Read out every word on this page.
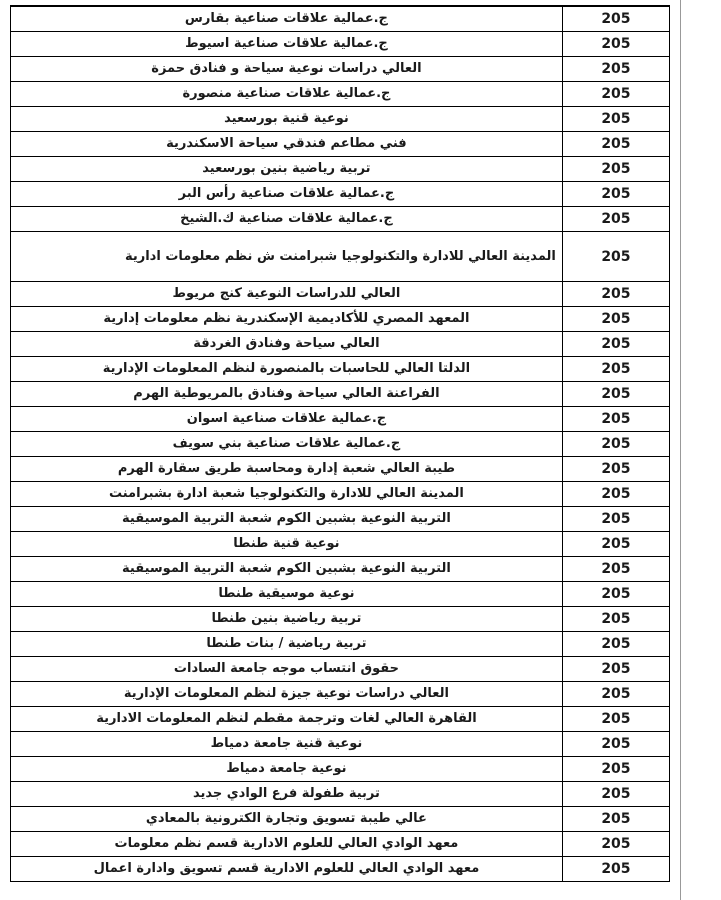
ج.عمالية علاقات صناعية بقارس	205
ج.عمالية علاقات صناعية اسيوط	205
العالي دراسات نوعية سياحة و فنادق حمزة	205
ج.عمالية علاقات صناعية منصورة	205
نوعية قنية بورسعيد	205
فني مطاعم فندقي سياحة الاسكندرية	205
تربية رياضية بنين بورسعيد	205
ج.عمالية علاقات صناعية رأس البر	205
ج.عمالية علاقات صناعية ك.الشيخ	205
المدينة العالي للادارة والتكنولوجيا شبرامنت ش نظم معلومات ادارية	205
العالي للدراسات النوعية كنج مريوط	205
المعهد المصري للأكاديمية الإسكندرية نظم معلومات إدارية	205
العالي سياحة وفنادق الغردقة	205
الدلتا العالي للحاسبات بالمنصورة لنظم المعلومات الإدارية	205
الفراعنة العالي سياحة وفنادق بالمريوطية الهرم	205
ج.عمالية علاقات صناعية اسوان	205
ج.عمالية علاقات صناعية بني سويف	205
طيبة العالي شعبة إدارة ومحاسبة طريق سقارة الهرم	205
المدينة العالي للادارة والتكنولوجيا شعبة ادارة بشبرامنت	205
التربية النوعية بشبين الكوم شعبة التربية الموسيقية	205
نوعية قنية طنطا	205
التربية النوعية بشبين الكوم شعبة التربية الموسيقية	205
نوعية موسيقية طنطا	205
تربية رياضية بنين طنطا	205
تربية رياضية / بنات طنطا	205
حقوق انتساب موجه جامعة السادات	205
العالي دراسات نوعية جيزة لنظم المعلومات الإدارية	205
القاهرة العالي لغات وترجمة مقطم لنظم المعلومات الادارية	205
نوعية قنية جامعة دمياط	205
نوعية جامعة دمياط	205
تربية طفولة فرع الوادي جديد	205
عالي طيبة تسويق وتجارة الكترونية بالمعادي	205
معهد الوادي العالي للعلوم الادارية قسم نظم معلومات	205
معهد الوادي العالي للعلوم الادارية قسم تسويق وادارة اعمال	205
